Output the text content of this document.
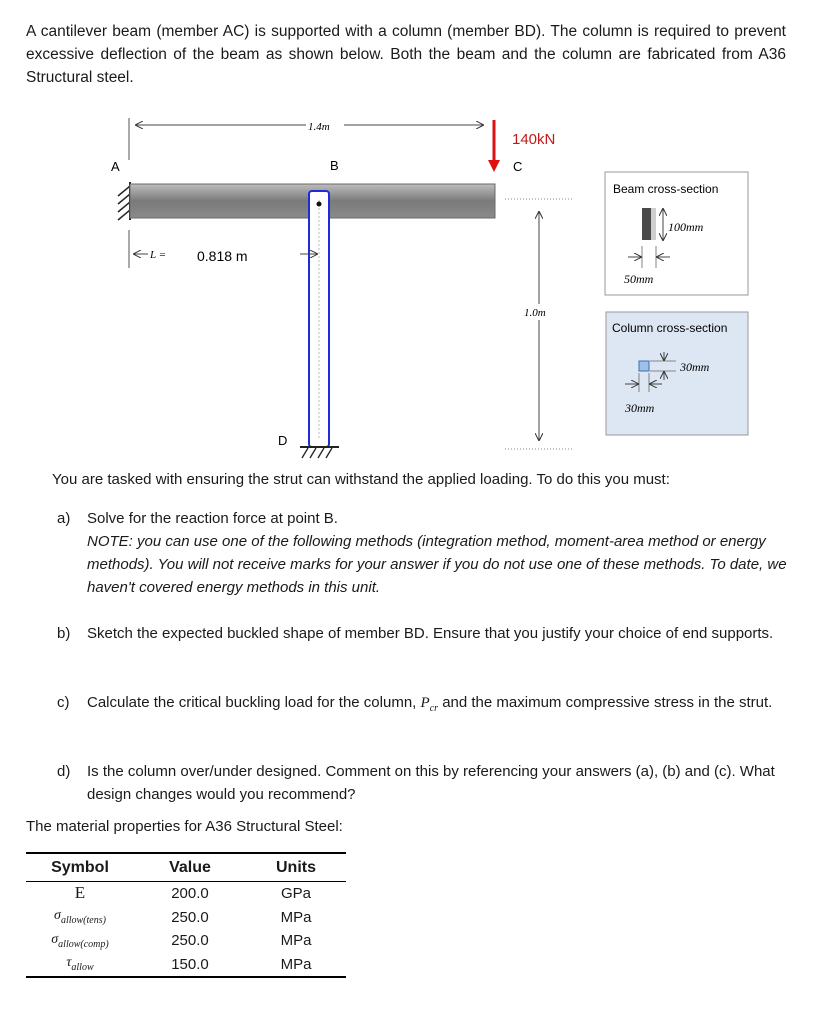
A cantilever beam (member AC) is supported with a column (member BD). The column is required to prevent excessive deflection of the beam as shown below. Both the beam and the column are fabricated from A36 Structural steel.
1.4m
140kN
A	B	C
D
L = 0.818 m
1.0m
Beam cross-section
100mm
50mm
Column cross-section
30mm
30mm
You are tasked with ensuring the strut can withstand the applied loading. To do this you must:
a) Solve for the reaction force at point B.
NOTE: you can use one of the following methods (integration method, moment-area method or energy methods). You will not receive marks for your answer if you do not use one of these methods. To date, we haven't covered energy methods in this unit.
b) Sketch the expected buckled shape of member BD. Ensure that you justify your choice of end supports.
c) Calculate the critical buckling load for the column, $P_{cr}$ and the maximum compressive stress in the strut.
d) Is the column over/under designed. Comment on this by referencing your answers (a), (b) and (c). What design changes would you recommend?
The material properties for A36 Structural Steel:
Symbol	Value	Units
E	200.0	GPa
$\sigma_{allow(tens)}$	250.0	MPa
$\sigma_{allow(comp)}$	250.0	MPa
$\tau_{allow}$	150.0	MPa
